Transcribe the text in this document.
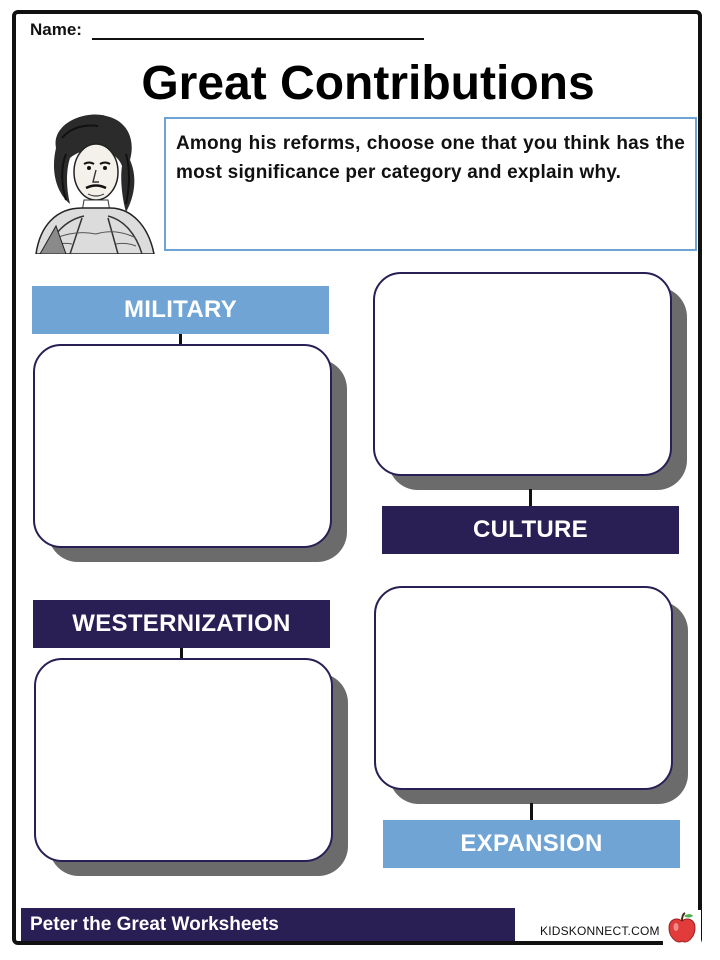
Name:
Great Contributions
Among his reforms, choose one that you think has the most significance per category and explain why.
MILITARY
CULTURE
WESTERNIZATION
EXPANSION
Peter the Great Worksheets	KIDSKONNECT.COM
